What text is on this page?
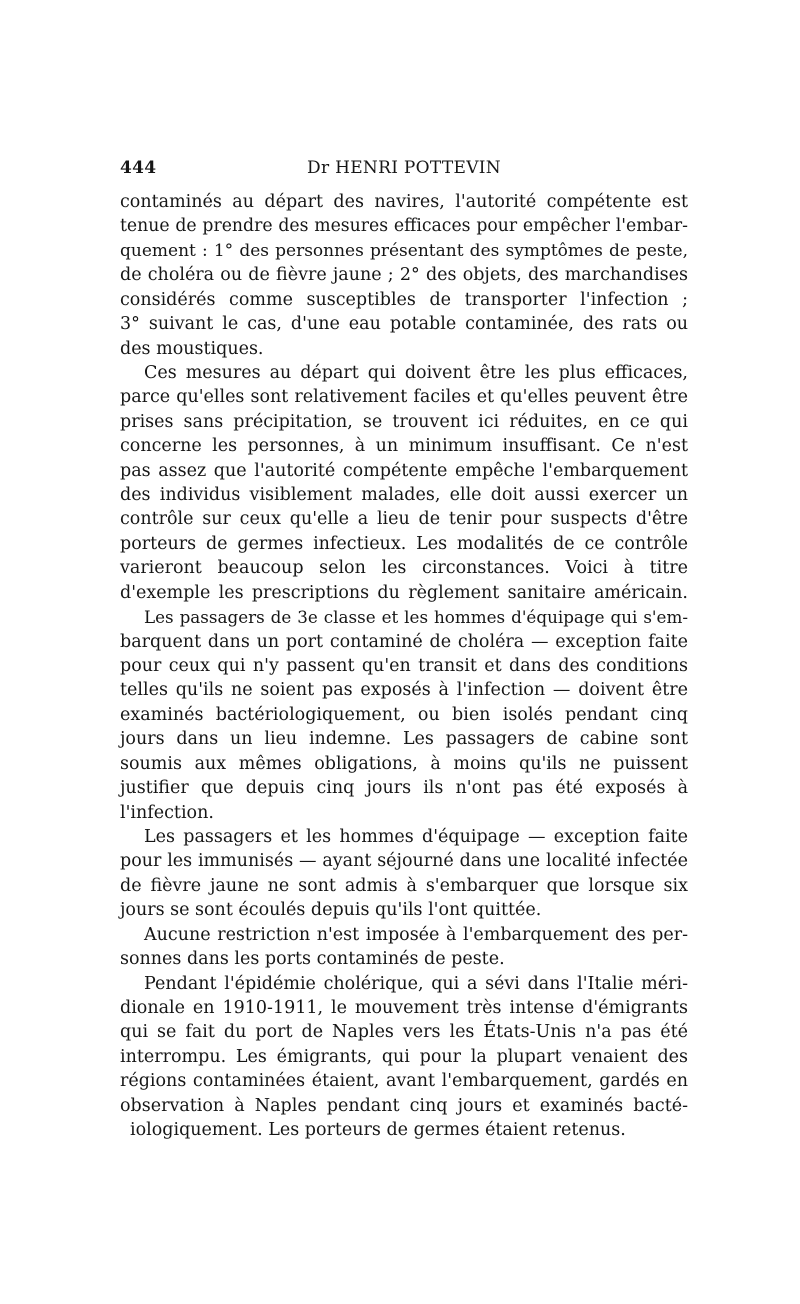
444	Dr HENRI POTTEVIN
contaminés au départ des navires, l'autorité compétente est
tenue de prendre des mesures efficaces pour empêcher l'embar-
quement : 1° des personnes présentant des symptômes de peste,
de choléra ou de fièvre jaune ; 2° des objets, des marchandises
considérés comme susceptibles de transporter l'infection ;
3° suivant le cas, d'une eau potable contaminée, des rats ou
des moustiques.
Ces mesures au départ qui doivent être les plus efficaces,
parce qu'elles sont relativement faciles et qu'elles peuvent être
prises sans précipitation, se trouvent ici réduites, en ce qui
concerne les personnes, à un minimum insuffisant. Ce n'est
pas assez que l'autorité compétente empêche l'embarquement
des individus visiblement malades, elle doit aussi exercer un
contrôle sur ceux qu'elle a lieu de tenir pour suspects d'être
porteurs de germes infectieux. Les modalités de ce contrôle
varieront beaucoup selon les circonstances. Voici à titre
d'exemple les prescriptions du règlement sanitaire américain.
Les passagers de 3e classe et les hommes d'équipage qui s'em-
barquent dans un port contaminé de choléra — exception faite
pour ceux qui n'y passent qu'en transit et dans des conditions
telles qu'ils ne soient pas exposés à l'infection — doivent être
examinés bactériologiquement, ou bien isolés pendant cinq
jours dans un lieu indemne. Les passagers de cabine sont
soumis aux mêmes obligations, à moins qu'ils ne puissent
justifier que depuis cinq jours ils n'ont pas été exposés à
l'infection.
Les passagers et les hommes d'équipage — exception faite
pour les immunisés — ayant séjourné dans une localité infectée
de fièvre jaune ne sont admis à s'embarquer que lorsque six
jours se sont écoulés depuis qu'ils l'ont quittée.
Aucune restriction n'est imposée à l'embarquement des per-
sonnes dans les ports contaminés de peste.
Pendant l'épidémie cholérique, qui a sévi dans l'Italie méri-
dionale en 1910-1911, le mouvement très intense d'émigrants
qui se fait du port de Naples vers les États-Unis n'a pas été
interrompu. Les émigrants, qui pour la plupart venaient des
régions contaminées étaient, avant l'embarquement, gardés en
observation à Naples pendant cinq jours et examinés bacté-
iologiquement. Les porteurs de germes étaient retenus.
